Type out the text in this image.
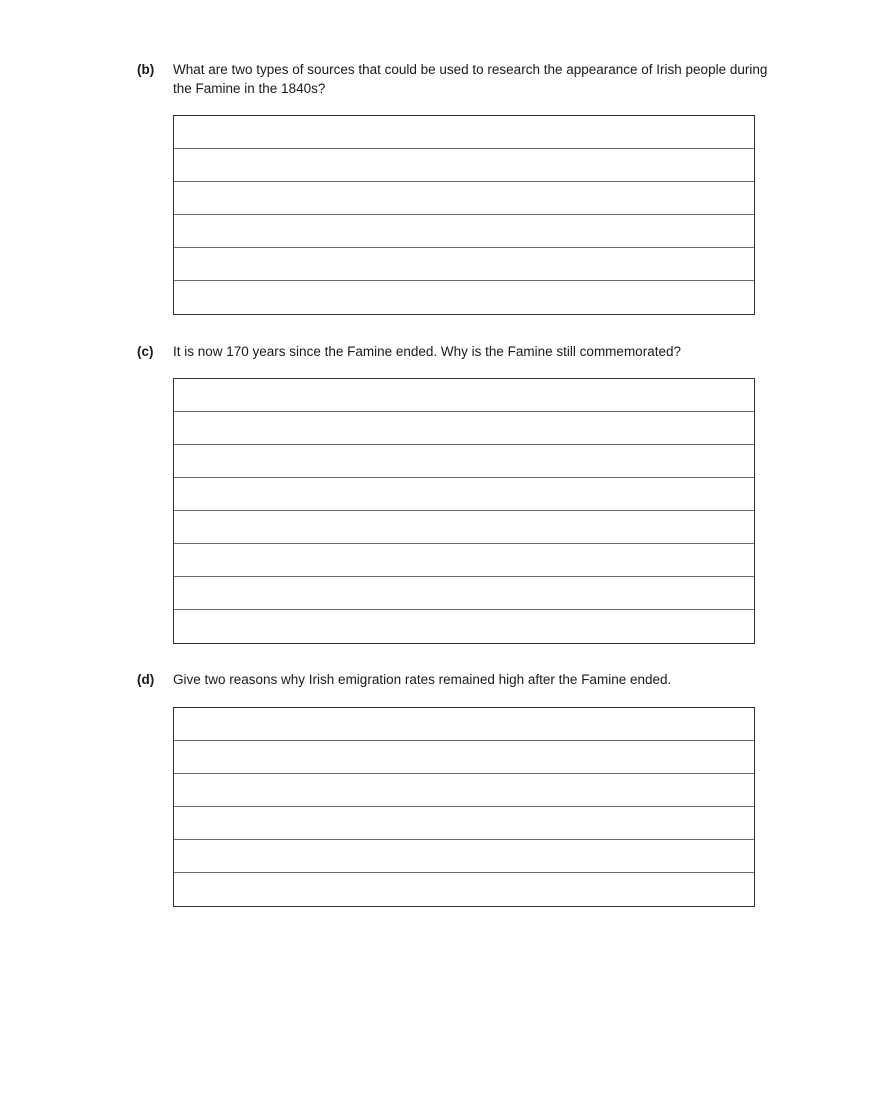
(b)	What are two types of sources that could be used to research the appearance of Irish people during the Famine in the 1840s?
(c)	It is now 170 years since the Famine ended. Why is the Famine still commemorated?
(d)	Give two reasons why Irish emigration rates remained high after the Famine ended.
